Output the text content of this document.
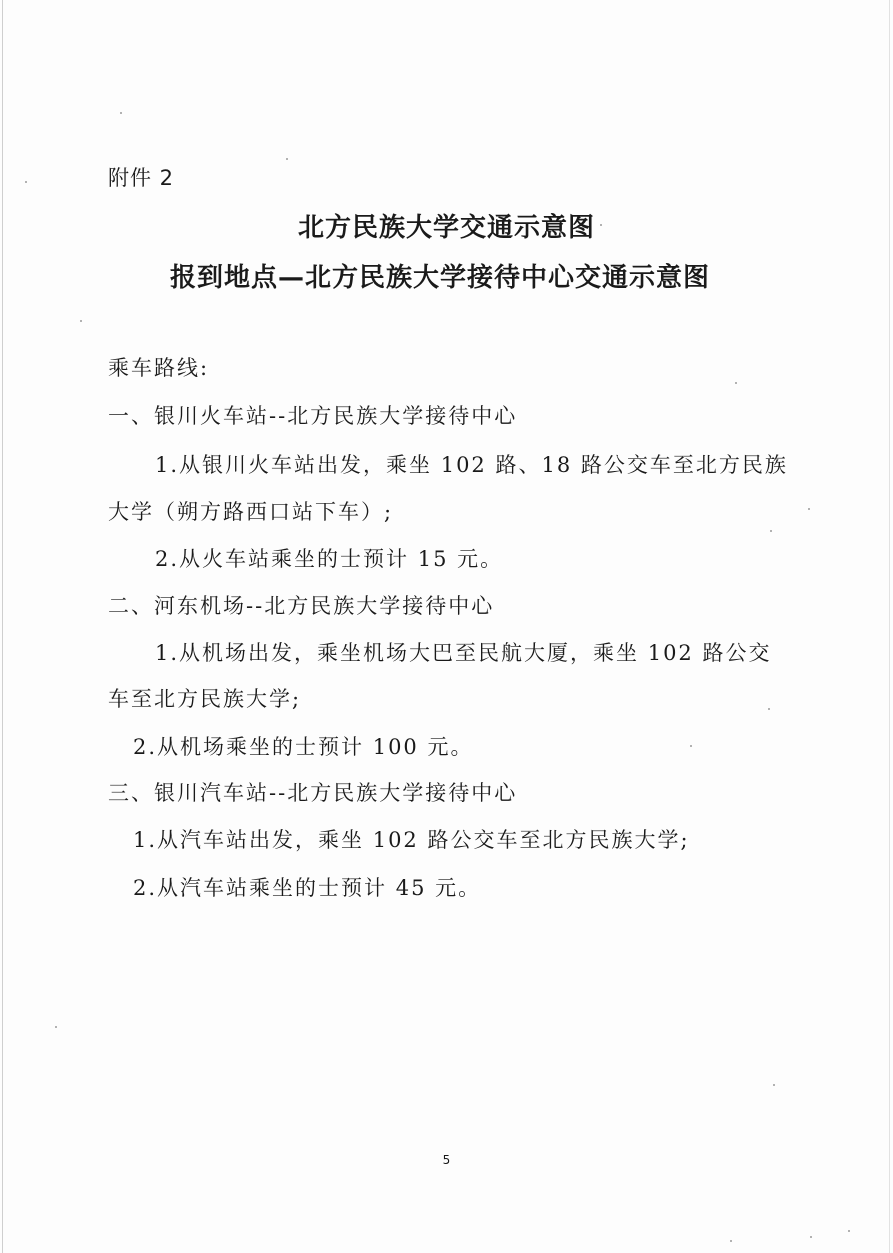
附件 2
北方民族大学交通示意图
报到地点—北方民族大学接待中心交通示意图
乘车路线:
一、银川火车站--北方民族大学接待中心
1.从银川火车站出发，乘坐 102 路、18 路公交车至北方民族
大学（朔方路西口站下车）;
2.从火车站乘坐的士预计 15 元。
二、河东机场--北方民族大学接待中心
1.从机场出发，乘坐机场大巴至民航大厦，乘坐 102 路公交
车至北方民族大学;
2.从机场乘坐的士预计 100 元。
三、银川汽车站--北方民族大学接待中心
1.从汽车站出发，乘坐 102 路公交车至北方民族大学;
2.从汽车站乘坐的士预计 45 元。
5
